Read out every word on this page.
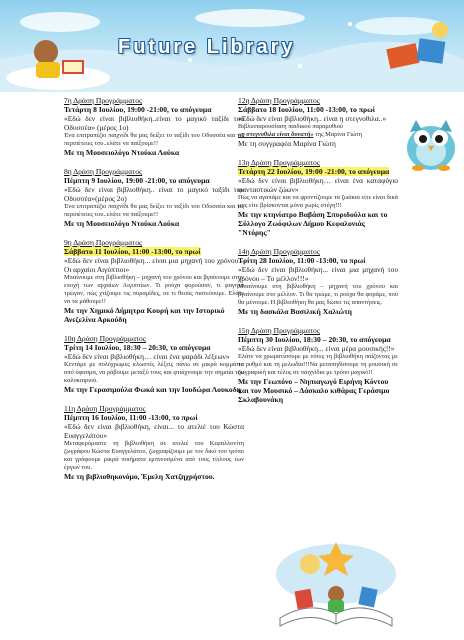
Future Library
7η Δράση Προγράμματος
Τετάρτη 8 Ιουλίου, 19:00 -21:00, το απόγευμα
«Εδώ δεν είναι βιβλιοθήκη..είναι το μαγικό ταξίδι του Οδυσσέα» (μέρος 1ο)
Ένα επιτραπέζιο παιχνίδι θα μας δείξει το ταξίδι του Οδυσσέα και τις περιπέτειες του..ελάτε να παίξουμε!!
Με τη Μουσειολόγο Ντούκα Λούκα
8η Δράση Προγράμματος
Πέμπτη 9 Ιουλίου, 19:00 -21:00, το απόγευμα
«Εδώ δεν είναι βιβλιοθήκη.. είναι το μαγικό ταξίδι του Οδυσσέα»(μέρος 2ο)
Ένα επιτραπέζιο παιχνίδι θα μας δείξει το ταξίδι του Οδυσσέα και τις περιπέτειες του..ελάτε να παίξουμε!!
Με τη Μουσειολόγο Ντούκα Λούκα
9η Δράση Προγράμματος
Σάββατο 11 Ιουλίου, 11:00 -13:00, το πρωί
«Εδώ δεν είναι βιβλιοθήκη... είναι μια μηχανή του χρόνου – Οι αρχαίοι Αιγύπτιοι»
Μπαίνουμε στη βιβλιοθήκη – μηχανή του χρόνου και βγαίνουμε στην εποχή των αρχαίων Αιγυπτίων. Τι ρούχα φορούσαν, τι φαγητά τρώγαν, πώς χτίζουμε τις πυραμίδες, σε τι θεούς πιστεύουμε. Ελάτε να τα μάθουμε!!
Με την Χημικό Δήμητρα Κουρή και την Ιστορικό Ανεζελίνα Αρκούδη
10η Δράση Προγράμματος
Τρίτη 14 Ιουλίου, 18:30 – 20:30, το απόγευμα
«Εδώ δεν είναι βιβλιοθήκη… είναι ένα φαράδι λέξεων»
Κεντάμε με πολύχρωμες κλωστές λέξεις πάνω σε μικρά κομμάτια από ύφασμα, να ράβουμε μεταξύ τους και φτιάχνουμε την σημαία του καλοκαιριού.
Με την Γερασιμούλα Φωκά και την Ιουδώρα Λουκοδη
11η Δράση Προγράμματος
Πέμπτη 16 Ιουλίου, 11:00 -13:00, το πρωί
«Εδώ δεν είναι βιβλιοθήκη, είναι... το ατελιέ του Κώστα Ευαγγελάτου»
Μεταφερόμαστε τη βιβλιοθήκη σε ατελιέ του Κεφαλλονίτη ζωγράφου Κώστα Ευαγγελάτου, ζωγραφίζουμε με τον δικό του τρόπο και γράφουμε μικρά ποιήματα εμπνευσμένα από τους τίτλους των έργων του.
Με τη βιβλιοθηκονόμο, Έμελη Χατζηχρήστου.
12η Δράση Προγράμματος
Σάββατο 18 Ιουλίου, 11:00 -13:00, το πρωί
«Εδώ δεν είναι βιβλιοθήκη.. είναι η στεγνοθιλα..»
Βιβλιοπαρουσίαση παιδικού παραμυθιού
«η στεγνοθιλα είναι δυνατή» της Μαρίνα Γιώτη
Με τη συγγραφέα Μαρίνα Γιώτη
13η Δράση Προγράμματος
Τετάρτη 22 Ιουλίου, 19:00 -21:00, το απόγευμα
«Εδώ δεν είναι βιβλιοθήκη… είναι ένα καταφύγιο φανταστικών ζώων»
Πώς να αγαπάμε και να φροντίζουμε τα ζωάκια είτε είναι δικά μας είτε βρίσκονται μόνα χωρίς στέγη!!!
Με την κτηνίατρο Βαβάση Σπυριδούλα και το Σύλλογο Ζωόφιλων Δήμου Κεφαλονιάς "Ντόρης"
14η Δράση Προγράμματος
Τρίτη 28 Ιουλίου, 11:00 -13:00, το πρωί
«Εδώ δεν είναι βιβλιοθήκη... είναι μια μηχανή του χρόνου – Το μέλλον!!!»
Μπαίνουμε στη βιβλιοθήκη – μηχανή του χρόνου και βγαίνουμε στο μέλλον. Τι θα τρώμε, τι ρούχα θα φοράμε, πού θα μένουμε. Η βιβλιοθήκη θα μας δώσει τις απαντήσεις.
Με τη δασκάλα Βασιλική Χαλιώτη
15η Δράση Προγράμματος
Πέμπτη 30 Ιουλίου, 18:30 – 20:30, το απόγευμα
«Εδώ δεν είναι βιβλιοθήκη... είναι μέρα μουσικής!!»
Ελάτε να χρωματίσουμε με νότες τη βιβλιοθήκη παίζοντας με το ρυθμό και τη μελωδία!!!Να μεταπηδίσουμε τη μουσική σε ζωγραφική και τέλος σε παιχνίδια με τρόπο μαγικό!!
Με την Γεωπόνο – Νηπιαγωγό Ειρήνη Κόντου και τον Μουσικό – Δάσκαλο κιθάρας Γεράσιμο Σκλαβουνάκη
